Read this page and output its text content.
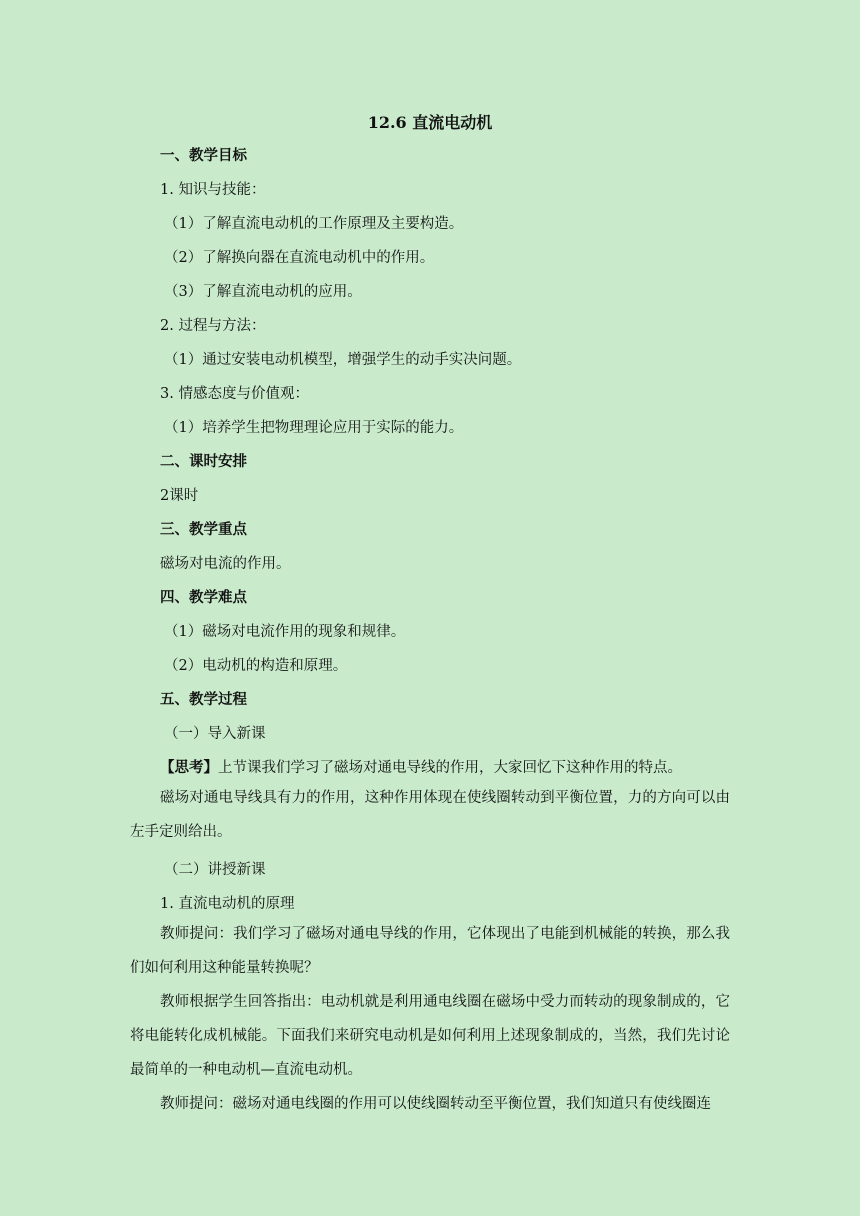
12.6 直流电动机
一、教学目标
1. 知识与技能：
（1）了解直流电动机的工作原理及主要构造。
（2）了解换向器在直流电动机中的作用。
（3）了解直流电动机的应用。
2. 过程与方法：
（1）通过安装电动机模型，增强学生的动手实决问题。
3. 情感态度与价值观：
（1）培养学生把物理理论应用于实际的能力。
二、课时安排
2课时
三、教学重点
磁场对电流的作用。
四、教学难点
（1）磁场对电流作用的现象和规律。
（2）电动机的构造和原理。
五、教学过程
（一）导入新课
【思考】上节课我们学习了磁场对通电导线的作用，大家回忆下这种作用的特点。
磁场对通电导线具有力的作用，这种作用体现在使线圈转动到平衡位置，力的方向可以由左手定则给出。
（二）讲授新课
1. 直流电动机的原理
教师提问：我们学习了磁场对通电导线的作用，它体现出了电能到机械能的转换，那么我们如何利用这种能量转换呢？
教师根据学生回答指出：电动机就是利用通电线圈在磁场中受力而转动的现象制成的，它将电能转化成机械能。下面我们来研究电动机是如何利用上述现象制成的，当然，我们先讨论最简单的一种电动机—直流电动机。
教师提问：磁场对通电线圈的作用可以使线圈转动至平衡位置，我们知道只有使线圈连
